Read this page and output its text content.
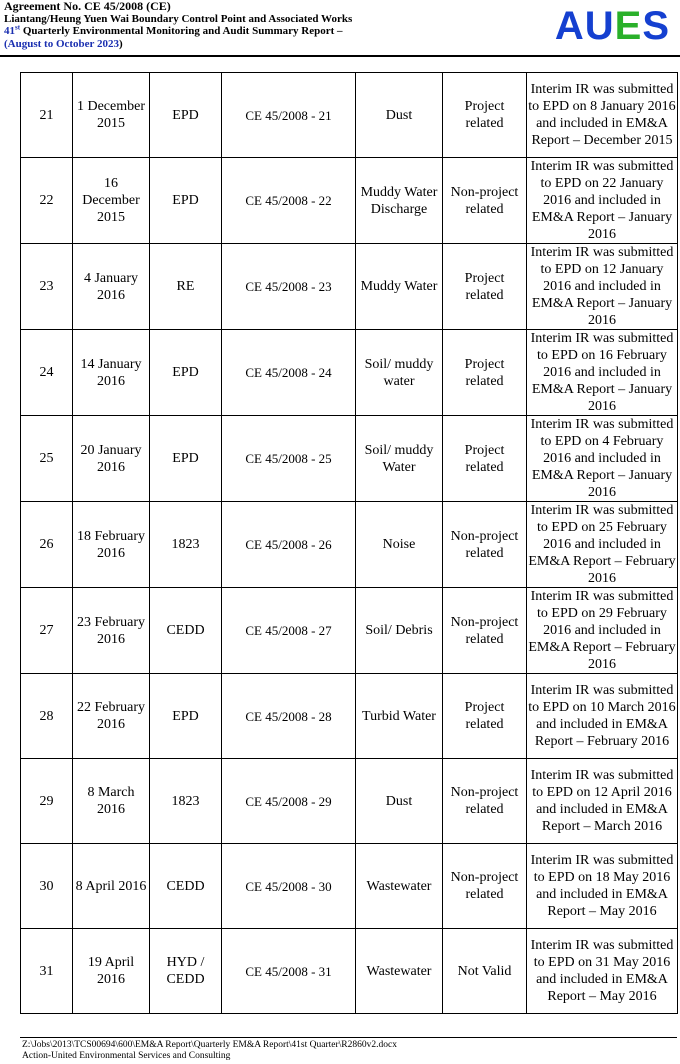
Agreement No. CE 45/2008 (CE)
Liantang/Heung Yuen Wai Boundary Control Point and Associated Works
41st Quarterly Environmental Monitoring and Audit Summary Report –
(August to October 2023)	AUES
21	1 December 2015	EPD	CE 45/2008 - 21	Dust	Project related	Interim IR was submitted to EPD on 8 January 2016 and included in EM&A Report – December 2015
22	16 December 2015	EPD	CE 45/2008 - 22	Muddy Water Discharge	Non-project related	Interim IR was submitted to EPD on 22 January 2016 and included in EM&A Report – January 2016
23	4 January 2016	RE	CE 45/2008 - 23	Muddy Water	Project related	Interim IR was submitted to EPD on 12 January 2016 and included in EM&A Report – January 2016
24	14 January 2016	EPD	CE 45/2008 - 24	Soil/ muddy water	Project related	Interim IR was submitted to EPD on 16 February 2016 and included in EM&A Report – January 2016
25	20 January 2016	EPD	CE 45/2008 - 25	Soil/ muddy Water	Project related	Interim IR was submitted to EPD on 4 February 2016 and included in EM&A Report – January 2016
26	18 February 2016	1823	CE 45/2008 - 26	Noise	Non-project related	Interim IR was submitted to EPD on 25 February 2016 and included in EM&A Report – February 2016
27	23 February 2016	CEDD	CE 45/2008 - 27	Soil/ Debris	Non-project related	Interim IR was submitted to EPD on 29 February 2016 and included in EM&A Report – February 2016
28	22 February 2016	EPD	CE 45/2008 - 28	Turbid Water	Project related	Interim IR was submitted to EPD on 10 March 2016 and included in EM&A Report – February 2016
29	8 March 2016	1823	CE 45/2008 - 29	Dust	Non-project related	Interim IR was submitted to EPD on 12 April 2016 and included in EM&A Report – March 2016
30	8 April 2016	CEDD	CE 45/2008 - 30	Wastewater	Non-project related	Interim IR was submitted to EPD on 18 May 2016 and included in EM&A Report – May 2016
31	19 April 2016	HYD / CEDD	CE 45/2008 - 31	Wastewater	Not Valid	Interim IR was submitted to EPD on 31 May 2016 and included in EM&A Report – May 2016
Z:\Jobs\2013\TCS00694\600\EM&A Report\Quarterly EM&A Report\41st Quarter\R2860v2.docx
Action-United Environmental Services and Consulting
